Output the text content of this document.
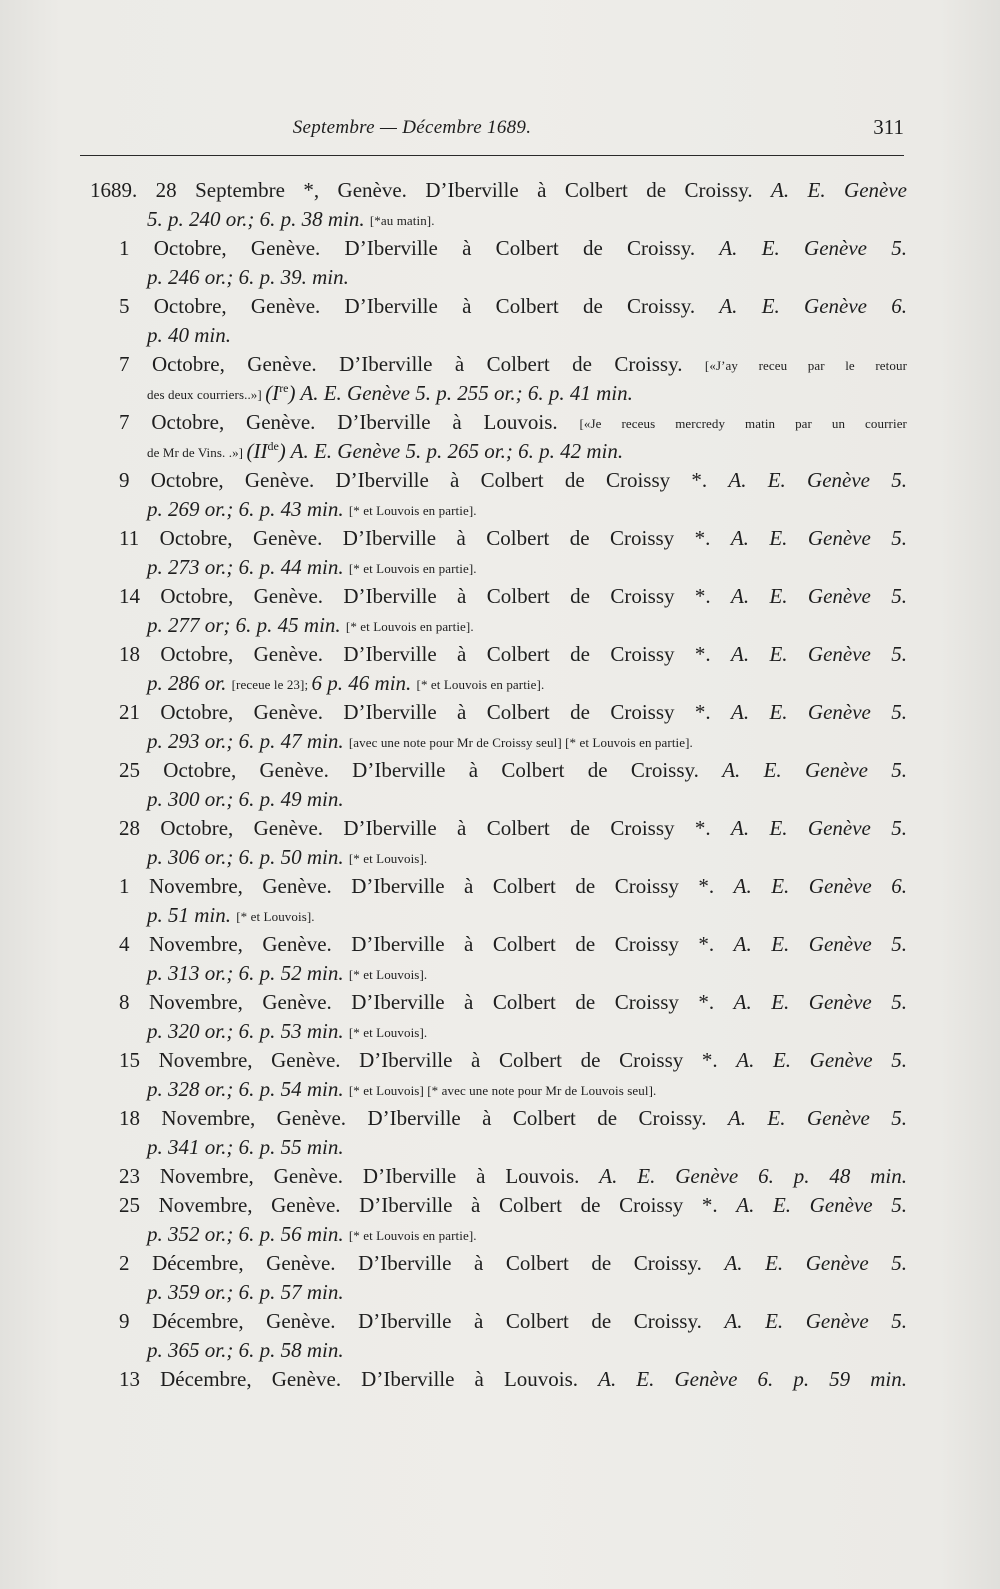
Septembre — Décembre 1689.	311
1689. 28 Septembre *, Genève. D’Iberville à Colbert de Croissy. A. E. Genève
5. p. 240 or.; 6. p. 38 min. [*au matin].
1 Octobre, Genève. D’Iberville à Colbert de Croissy. A. E. Genève 5.
p. 246 or.; 6. p. 39. min.
5 Octobre, Genève. D’Iberville à Colbert de Croissy. A. E. Genève 6.
p. 40 min.
7 Octobre, Genève. D’Iberville à Colbert de Croissy. [«J’ay receu par le retour
des deux courriers..»] (Ire) A. E. Genève 5. p. 255 or.; 6. p. 41 min.
7 Octobre, Genève. D’Iberville à Louvois. [«Je receus mercredy matin par un courrier
de Mr de Vins. .»] (IIde) A. E. Genève 5. p. 265 or.; 6. p. 42 min.
9 Octobre, Genève. D’Iberville à Colbert de Croissy *. A. E. Genève 5.
p. 269 or.; 6. p. 43 min. [* et Louvois en partie].
11 Octobre, Genève. D’Iberville à Colbert de Croissy *. A. E. Genève 5.
p. 273 or.; 6. p. 44 min. [* et Louvois en partie].
14 Octobre, Genève. D’Iberville à Colbert de Croissy *. A. E. Genève 5.
p. 277 or; 6. p. 45 min. [* et Louvois en partie].
18 Octobre, Genève. D’Iberville à Colbert de Croissy *. A. E. Genève 5.
p. 286 or. [receue le 23]; 6 p. 46 min. [* et Louvois en partie].
21 Octobre, Genève. D’Iberville à Colbert de Croissy *. A. E. Genève 5.
p. 293 or.; 6. p. 47 min. [avec une note pour Mr de Croissy seul] [* et Louvois en partie].
25 Octobre, Genève. D’Iberville à Colbert de Croissy. A. E. Genève 5.
p. 300 or.; 6. p. 49 min.
28 Octobre, Genève. D’Iberville à Colbert de Croissy *. A. E. Genève 5.
p. 306 or.; 6. p. 50 min. [* et Louvois].
1 Novembre, Genève. D’Iberville à Colbert de Croissy *. A. E. Genève 6.
p. 51 min. [* et Louvois].
4 Novembre, Genève. D’Iberville à Colbert de Croissy *. A. E. Genève 5.
p. 313 or.; 6. p. 52 min. [* et Louvois].
8 Novembre, Genève. D’Iberville à Colbert de Croissy *. A. E. Genève 5.
p. 320 or.; 6. p. 53 min. [* et Louvois].
15 Novembre, Genève. D’Iberville à Colbert de Croissy *. A. E. Genève 5.
p. 328 or.; 6. p. 54 min. [* et Louvois] [* avec une note pour Mr de Louvois seul].
18 Novembre, Genève. D’Iberville à Colbert de Croissy. A. E. Genève 5.
p. 341 or.; 6. p. 55 min.
23 Novembre, Genève. D’Iberville à Louvois. A. E. Genève 6. p. 48 min.
25 Novembre, Genève. D’Iberville à Colbert de Croissy *. A. E. Genève 5.
p. 352 or.; 6. p. 56 min. [* et Louvois en partie].
2 Décembre, Genève. D’Iberville à Colbert de Croissy. A. E. Genève 5.
p. 359 or.; 6. p. 57 min.
9 Décembre, Genève. D’Iberville à Colbert de Croissy. A. E. Genève 5.
p. 365 or.; 6. p. 58 min.
13 Décembre, Genève. D’Iberville à Louvois. A. E. Genève 6. p. 59 min.
